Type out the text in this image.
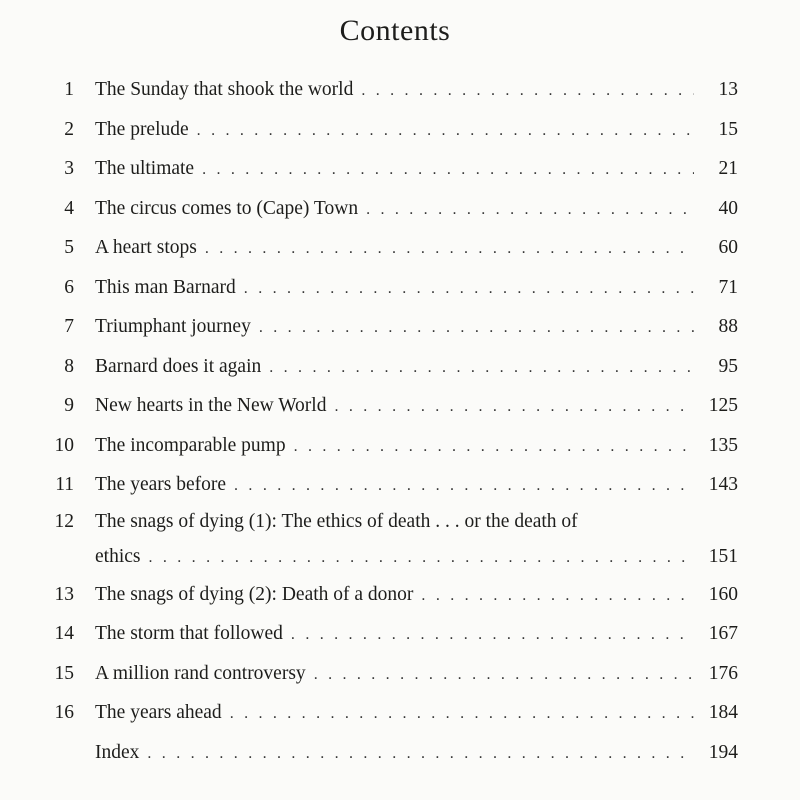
Contents
1 The Sunday that shook the world . .	13
2 The prelude . .	15
3 The ultimate . .	21
4 The circus comes to (Cape) Town . .	40
5 A heart stops . .	60
6 This man Barnard . .	71
7 Triumphant journey . .	88
8 Barnard does it again . .	95
9 New hearts in the New World . .	125
10 The incomparable pump . .	135
11 The years before . .	143
12 The snags of dying (1): The ethics of death . . . or the death of
ethics . .	151
13 The snags of dying (2): Death of a donor . .	160
14 The storm that followed . .	167
15 A million rand controversy . .	176
16 The years ahead . .	184
Index . .	194
